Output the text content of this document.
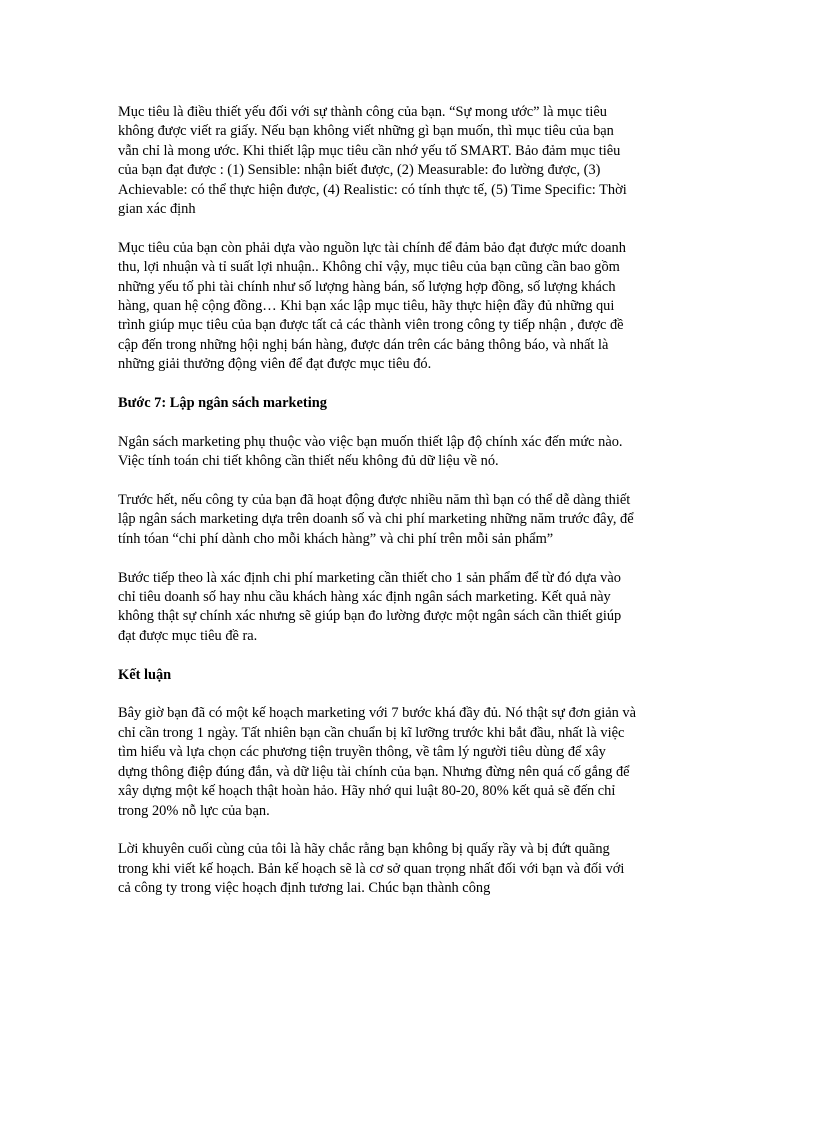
Mục tiêu là điều thiết yếu đối với sự thành công của bạn. “Sự mong ước” là mục tiêu
không được viết ra giấy. Nếu bạn không viết những gì bạn muốn, thì mục tiêu của bạn
vẫn chỉ là mong ước. Khi thiết lập mục tiêu cần nhớ yếu tố SMART. Bảo đảm mục tiêu
của bạn đạt được : (1) Sensible: nhận biết được, (2) Measurable: đo lường được, (3)
Achievable: có thể thực hiện được, (4) Realistic: có tính thực tế, (5) Time Specific: Thời
gian xác định

Mục tiêu của bạn còn phải dựa vào nguồn lực tài chính để đảm bảo đạt được mức doanh
thu, lợi nhuận và tỉ suất lợi nhuận.. Không chỉ vậy, mục tiêu của bạn cũng cần bao gồm
những yếu tố phi tài chính như số lượng hàng bán, số lượng hợp đồng, số lượng khách
hàng, quan hệ cộng đồng… Khi bạn xác lập mục tiêu, hãy thực hiện đầy đủ những qui
trình giúp mục tiêu của bạn được tất cả các thành viên trong công ty tiếp nhận , được đề
cập đến trong những hội nghị bán hàng, được dán trên các bảng thông báo, và nhất là
những giải thưởng động viên để đạt được mục tiêu đó.

Bước 7: Lập ngân sách marketing

Ngân sách marketing phụ thuộc vào việc bạn muốn thiết lập độ chính xác đến mức nào.
Việc tính toán chi tiết không cần thiết nếu không đủ dữ liệu về nó.

Trước hết, nếu công ty của bạn đã hoạt động được nhiều năm thì bạn có thể dễ dàng thiết
lập ngân sách marketing dựa trên doanh số và chi phí marketing những năm trước đây, để
tính tóan “chi phí dành cho mỗi khách hàng” và chi phí trên mỗi sản phẩm”

Bước tiếp theo là xác định chi phí marketing cần thiết cho 1 sản phẩm để từ đó dựa vào
chỉ tiêu doanh số hay nhu cầu khách hàng xác định ngân sách marketing. Kết quả này
không thật sự chính xác nhưng sẽ giúp bạn đo lường được một ngân sách cần thiết giúp
đạt được mục tiêu đề ra.

Kết luận

Bây giờ bạn đã có một kế hoạch marketing với 7 bước khá đầy đủ. Nó thật sự đơn giản và
chỉ cần trong 1 ngày. Tất nhiên bạn cần chuẩn bị kĩ lưỡng trước khi bắt đầu, nhất là việc
tìm hiểu và lựa chọn các phương tiện truyền thông, về tâm lý người tiêu dùng để xây
dựng thông điệp đúng đắn, và dữ liệu tài chính của bạn. Nhưng đừng nên quá cố gắng để
xây dựng một kế hoạch thật hoàn hảo. Hãy nhớ qui luật 80-20, 80% kết quả sẽ đến chỉ
trong 20% nỗ lực của bạn.

Lời khuyên cuối cùng của tôi là hãy chắc rằng bạn không bị quấy rầy và bị đứt quãng
trong khi viết kế hoạch. Bản kế hoạch sẽ là cơ sở quan trọng nhất đối với bạn và đối với
cả công ty trong việc hoạch định tương lai. Chúc bạn thành công
